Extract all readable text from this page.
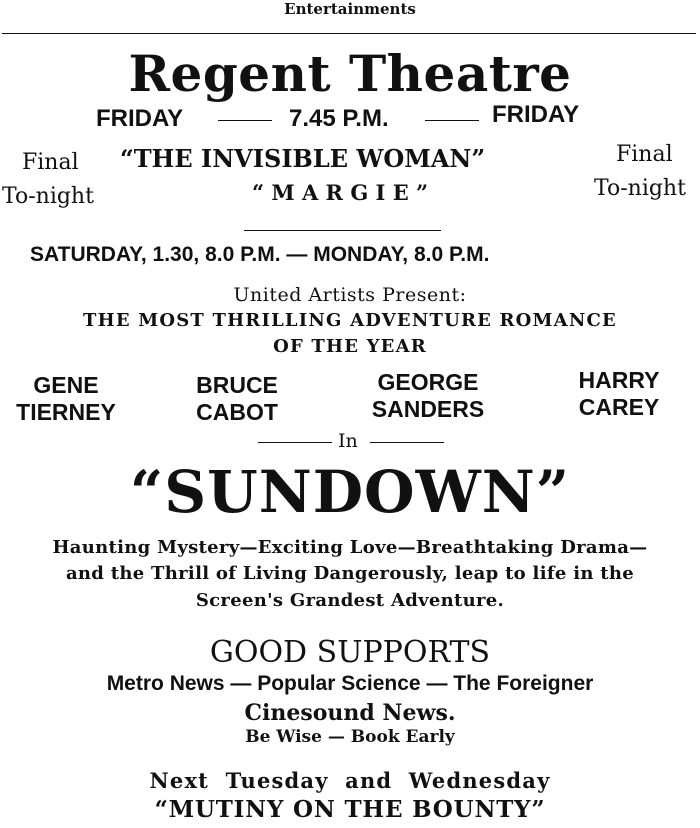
Entertainments
Regent Theatre
FRIDAY	7.45 P.M.	FRIDAY
Final
To-night
Final
To-night
“THE INVISIBLE WOMAN”
“ M A R G I E ”
SATURDAY, 1.30, 8.0 P.M. — MONDAY, 8.0 P.M.
United Artists Present:
THE MOST THRILLING ADVENTURE ROMANCE
OF THE YEAR
GENE
TIERNEY
BRUCE
CABOT
GEORGE
SANDERS
HARRY
CAREY
In
“SUNDOWN”
Haunting Mystery—Exciting Love—Breathtaking Drama—
and the Thrill of Living Dangerously, leap to life in the
Screen's Grandest Adventure.
GOOD SUPPORTS
Metro News — Popular Science — The Foreigner
Cinesound News.
Be Wise — Book Early
Next Tuesday and Wednesday
“MUTINY ON THE BOUNTY”
